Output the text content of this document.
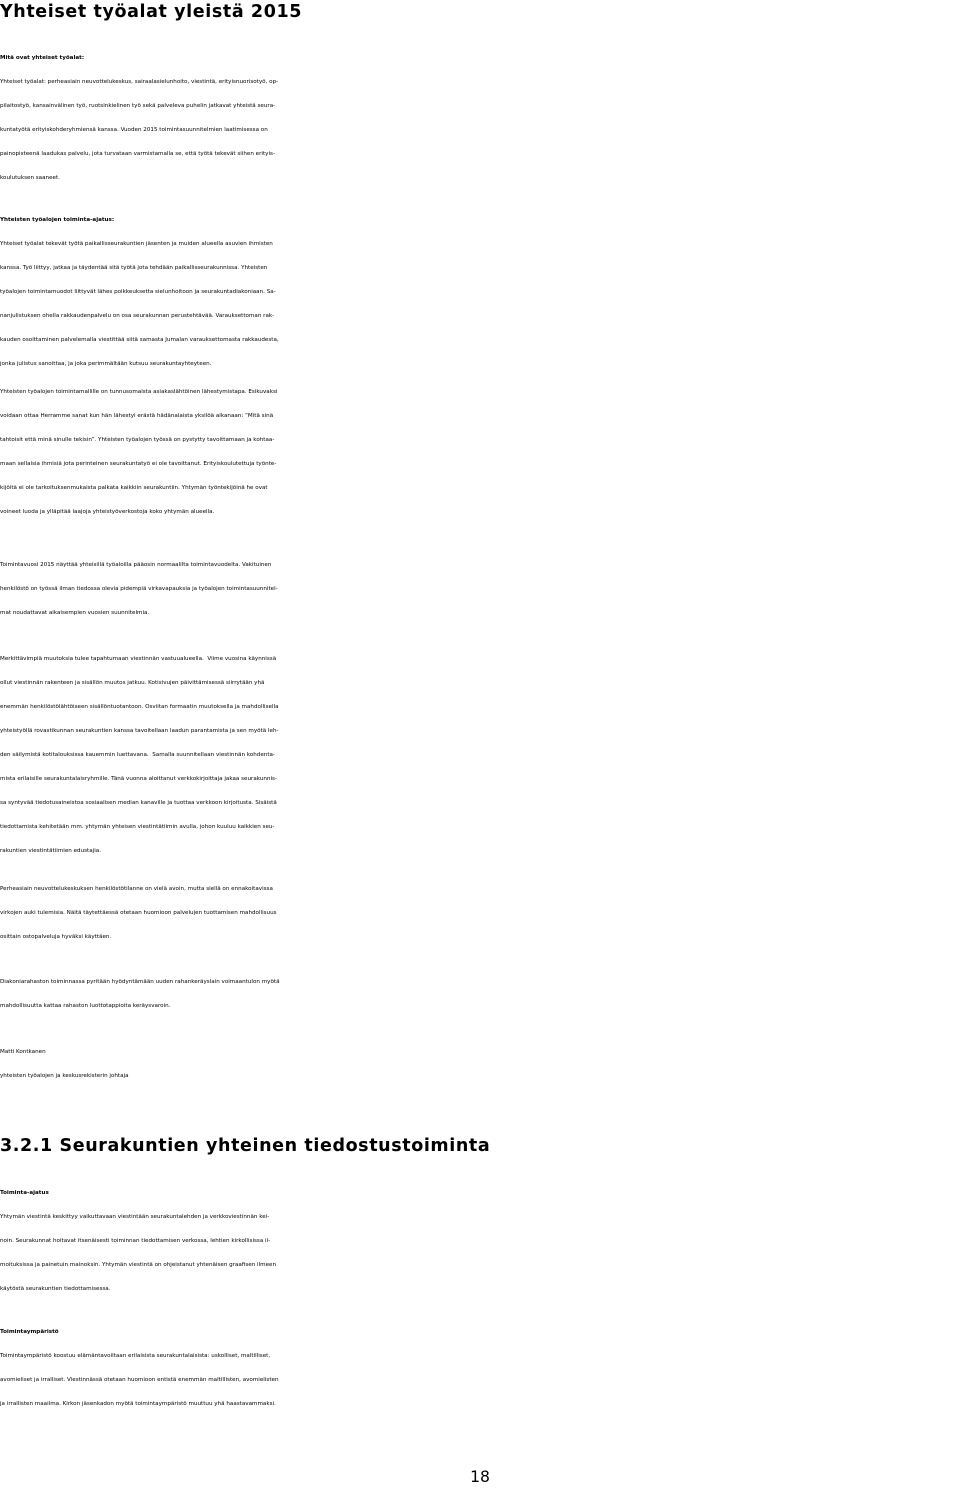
Yhteiset työalat yleistä 2015
Mitä ovat yhteiset työalat:
Yhteiset työalat: perheasiain neuvottelukeskus, sairaalasielunhoito, viestintä, erityisnuorisotyö, op-
pilaitostyö, kansainvälinen työ, ruotsinkielinen työ sekä palveleva puhelin jatkavat yhteistä seura-
kuntatyötä erityiskohderyhmiensä kanssa. Vuoden 2015 toimintasuunnitelmien laatimisessa on
painopisteenä laadukas palvelu, jota turvataan varmistamalla se, että työtä tekevät siihen erityis-
koulutuksen saaneet.
Yhteisten työalojen toiminta-ajatus:
Yhteiset työalat tekevät työtä paikallisseurakuntien jäsenten ja muiden alueella asuvien ihmisten
kanssa. Työ liittyy, jatkaa ja täydentää sitä työtä jota tehdään paikallisseurakunnissa. Yhteisten
työalojen toimintamuodot liittyvät lähes poikkeuksetta sielunhoitoon ja seurakuntadiakoniaan. Sa-
nanjulistuksen ohella rakkaudenpalvelu on osa seurakunnan perustehtävää. Varauksettoman rak-
kauden osoittaminen palvelemalla viestittää siitä samasta Jumalan varauksettomasta rakkaudesta,
jonka julistus sanoittaa, ja joka perimmältään kutsuu seurakuntayhteyteen.
Yhteisten työalojen toimintamallille on tunnusomaista asiakaslähtöinen lähestymistapa. Esikuvaksi
voidaan ottaa Herramme sanat kun hän lähestyi erästä hädänalaista yksilöä aikanaan: ”Mitä sinä
tahtoisit että minä sinulle tekisin”. Yhteisten työalojen työssä on pystytty tavoittamaan ja kohtaa-
maan sellaisia ihmisiä jota perinteinen seurakuntatyö ei ole tavoittanut. Erityiskoulutettuja työnte-
kijöitä ei ole tarkoituksenmukaista palkata kaikkiin seurakuntiin. Yhtymän työntekijöinä he ovat
voineet luoda ja ylläpitää laajoja yhteistyöverkostoja koko yhtymän alueella.
Toimintavuosi 2015 näyttää yhteisillä työaloilla pääosin normaalilta toimintavuodelta. Vakituinen
henkilöstö on työssä ilman tiedossa olevia pidempiä virkavapauksia ja työalojen toimintasuunnitel-
mat noudattavat aikaisempien vuosien suunnitelmia.
Merkittävimpiä muutoksia tulee tapahtumaan viestinnän vastuualueella.  Viime vuosina käynnissä
ollut viestinnän rakenteen ja sisällön muutos jatkuu. Kotisivujen päivittämisessä siirrytään yhä
enemmän henkilöstölähtöiseen sisällöntuotantoon. Osviitan formaatin muutoksella ja mahdollisella
yhteistyöllä rovastikunnan seurakuntien kanssa tavoitellaan laadun parantamista ja sen myötä leh-
den säilymistä kotitalouksissa kauemmin luettavana.  Samalla suunnitellaan viestinnän kohdenta-
mista erilaisille seurakuntalaisryhmille. Tänä vuonna aloittanut verkkokirjoittaja jakaa seurakunnis-
sa syntyvää tiedotusaineistoa sosiaalisen median kanaville ja tuottaa verkkoon kirjoitusta. Sisäistä
tiedottamista kehitetään mm. yhtymän yhteisen viestintätiimin avulla, johon kuuluu kaikkien seu-
rakuntien viestintätiimien edustajia.
Perheasiain neuvottelukeskuksen henkilöstötilanne on vielä avoin, mutta siellä on ennakoitavissa
virkojen auki tulemisia. Näitä täytettäessä otetaan huomioon palvelujen tuottamisen mahdollisuus
osittain ostopalveluja hyväksi käyttäen.
Diakoniarahaston toiminnassa pyritään hyödyntämään uuden rahankeräyslain voimaantulon myötä
mahdollisuutta kattaa rahaston luottotappioita keräysvaroin.
Matti Kontkanen
yhteisten työalojen ja keskusrekisterin johtaja
3.2.1 Seurakuntien yhteinen tiedostustoiminta
Toiminta-ajatus
Yhtymän viestintä keskittyy vaikuttavaan viestintään seurakuntalehden ja verkkoviestinnän kei-
noin. Seurakunnat hoitavat itsenäisesti toiminnan tiedottamisen verkossa, lehtien kirkollisissa il-
moituksissa ja painetuin mainoksin. Yhtymän viestintä on ohjeistanut yhtenäisen graafisen ilmeen
käytöstä seurakuntien tiedottamisessa.
Toimintaympäristö
Toimintaympäristö koostuu elämäntavoiltaan erilaisista seurakuntalaisista: uskolliset, maltilliset,
avomieliset ja irralliset. Viestinnässä otetaan huomioon entistä enemmän maltillisten, avomielisten
ja irrallisten maailma. Kirkon jäsenkadon myötä toimintaympäristö muuttuu yhä haastavammaksi.
18
